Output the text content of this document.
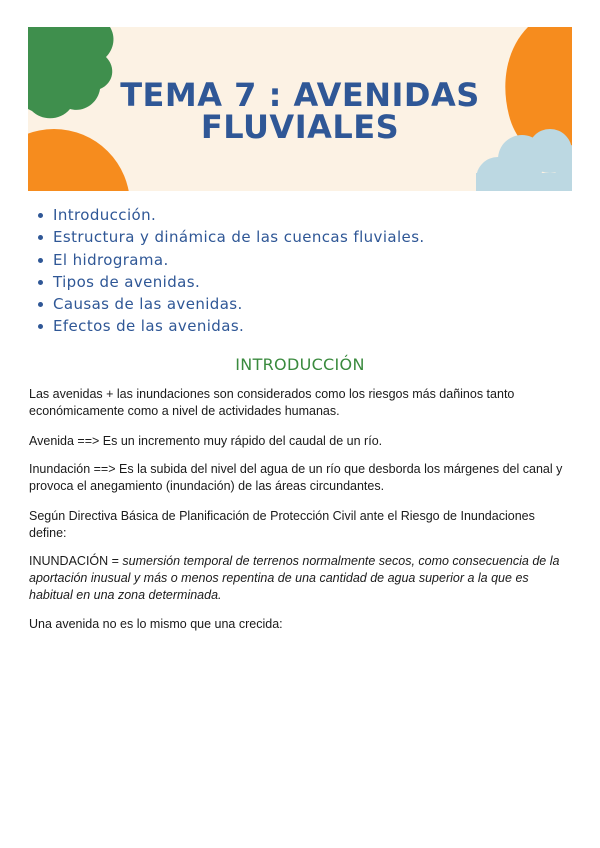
TEMA 7 : AVENIDAS
FLUVIALES
Introducción.
Estructura y dinámica de las cuencas fluviales.
El hidrograma.
Tipos de avenidas.
Causas de las avenidas.
Efectos de las avenidas.
INTRODUCCIÓN

Las avenidas + las inundaciones son considerados como los riesgos más dañinos tanto económicamente como a nivel de actividades humanas.

Avenida ==> Es un incremento muy rápido del caudal de un río.

Inundación ==> Es la subida del nivel del agua de un río que desborda los márgenes del canal y provoca el anegamiento (inundación) de las áreas circundantes.

Según Directiva Básica de Planificación de Protección Civil ante el Riesgo de Inundaciones define:

INUNDACIÓN = sumersión temporal de terrenos normalmente secos, como consecuencia de la aportación inusual y más o menos repentina de una cantidad de agua superior a la que es habitual en una zona determinada.

Una avenida no es lo mismo que una crecida:
